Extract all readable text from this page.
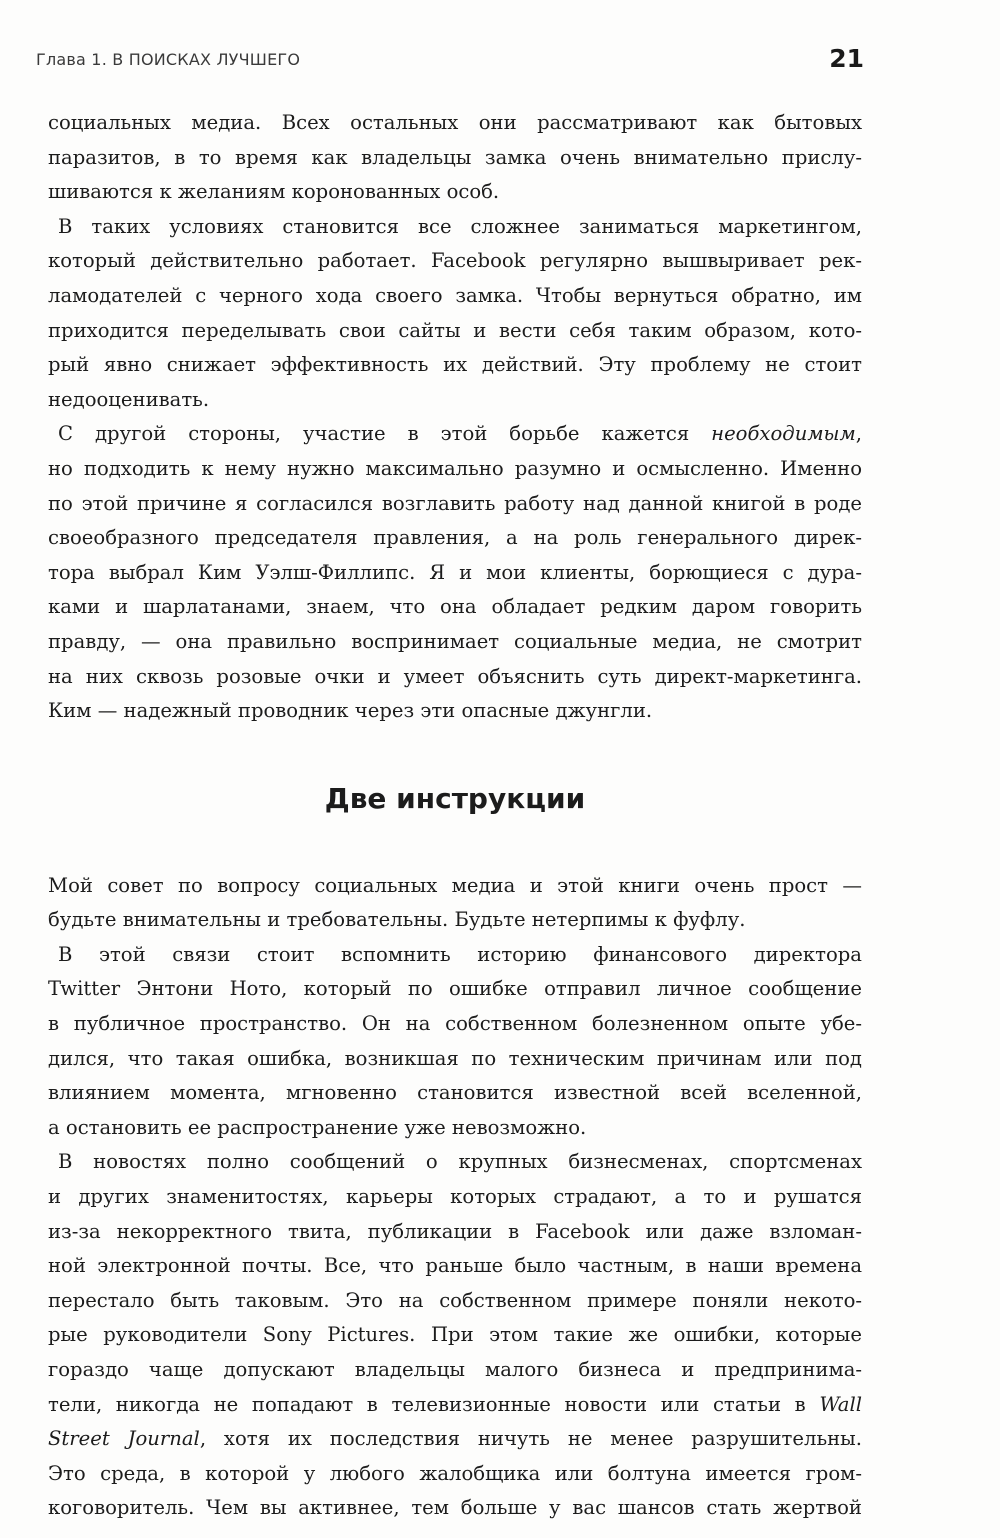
Глава 1. В ПОИСКАХ ЛУЧШЕГО	21

социальных медиа. Всех остальных они рассматривают как бытовых
паразитов, в то время как владельцы замка очень внимательно прислу-
шиваются к желаниям коронованных особ.

В таких условиях становится все сложнее заниматься маркетингом,
который действительно работает. Facebook регулярно вышвыривает рек-
ламодателей с черного хода своего замка. Чтобы вернуться обратно, им
приходится переделывать свои сайты и вести себя таким образом, кото-
рый явно снижает эффективность их действий. Эту проблему не стоит
недооценивать.

С другой стороны, участие в этой борьбе кажется необходимым,
но подходить к нему нужно максимально разумно и осмысленно. Именно
по этой причине я согласился возглавить работу над данной книгой в роде
своеобразного председателя правления, а на роль генерального дирек-
тора выбрал Ким Уэлш-Филлипс. Я и мои клиенты, борющиеся с дура-
ками и шарлатанами, знаем, что она обладает редким даром говорить
правду, — она правильно воспринимает социальные медиа, не смотрит
на них сквозь розовые очки и умеет объяснить суть директ-маркетинга.
Ким — надежный проводник через эти опасные джунгли.

Две инструкции

Мой совет по вопросу социальных медиа и этой книги очень прост —
будьте внимательны и требовательны. Будьте нетерпимы к фуфлу.

В этой связи стоит вспомнить историю финансового директора
Twitter Энтони Ното, который по ошибке отправил личное сообщение
в публичное пространство. Он на собственном болезненном опыте убе-
дился, что такая ошибка, возникшая по техническим причинам или под
влиянием момента, мгновенно становится известной всей вселенной,
а остановить ее распространение уже невозможно.

В новостях полно сообщений о крупных бизнесменах, спортсменах
и других знаменитостях, карьеры которых страдают, а то и рушатся
из-за некорректного твита, публикации в Facebook или даже взломан-
ной электронной почты. Все, что раньше было частным, в наши времена
перестало быть таковым. Это на собственном примере поняли некото-
рые руководители Sony Pictures. При этом такие же ошибки, которые
гораздо чаще допускают владельцы малого бизнеса и предпринима-
тели, никогда не попадают в телевизионные новости или статьи в Wall
Street Journal, хотя их последствия ничуть не менее разрушительны.
Это среда, в которой у любого жалобщика или болтуна имеется гром-
коговоритель. Чем вы активнее, тем больше у вас шансов стать жертвой
